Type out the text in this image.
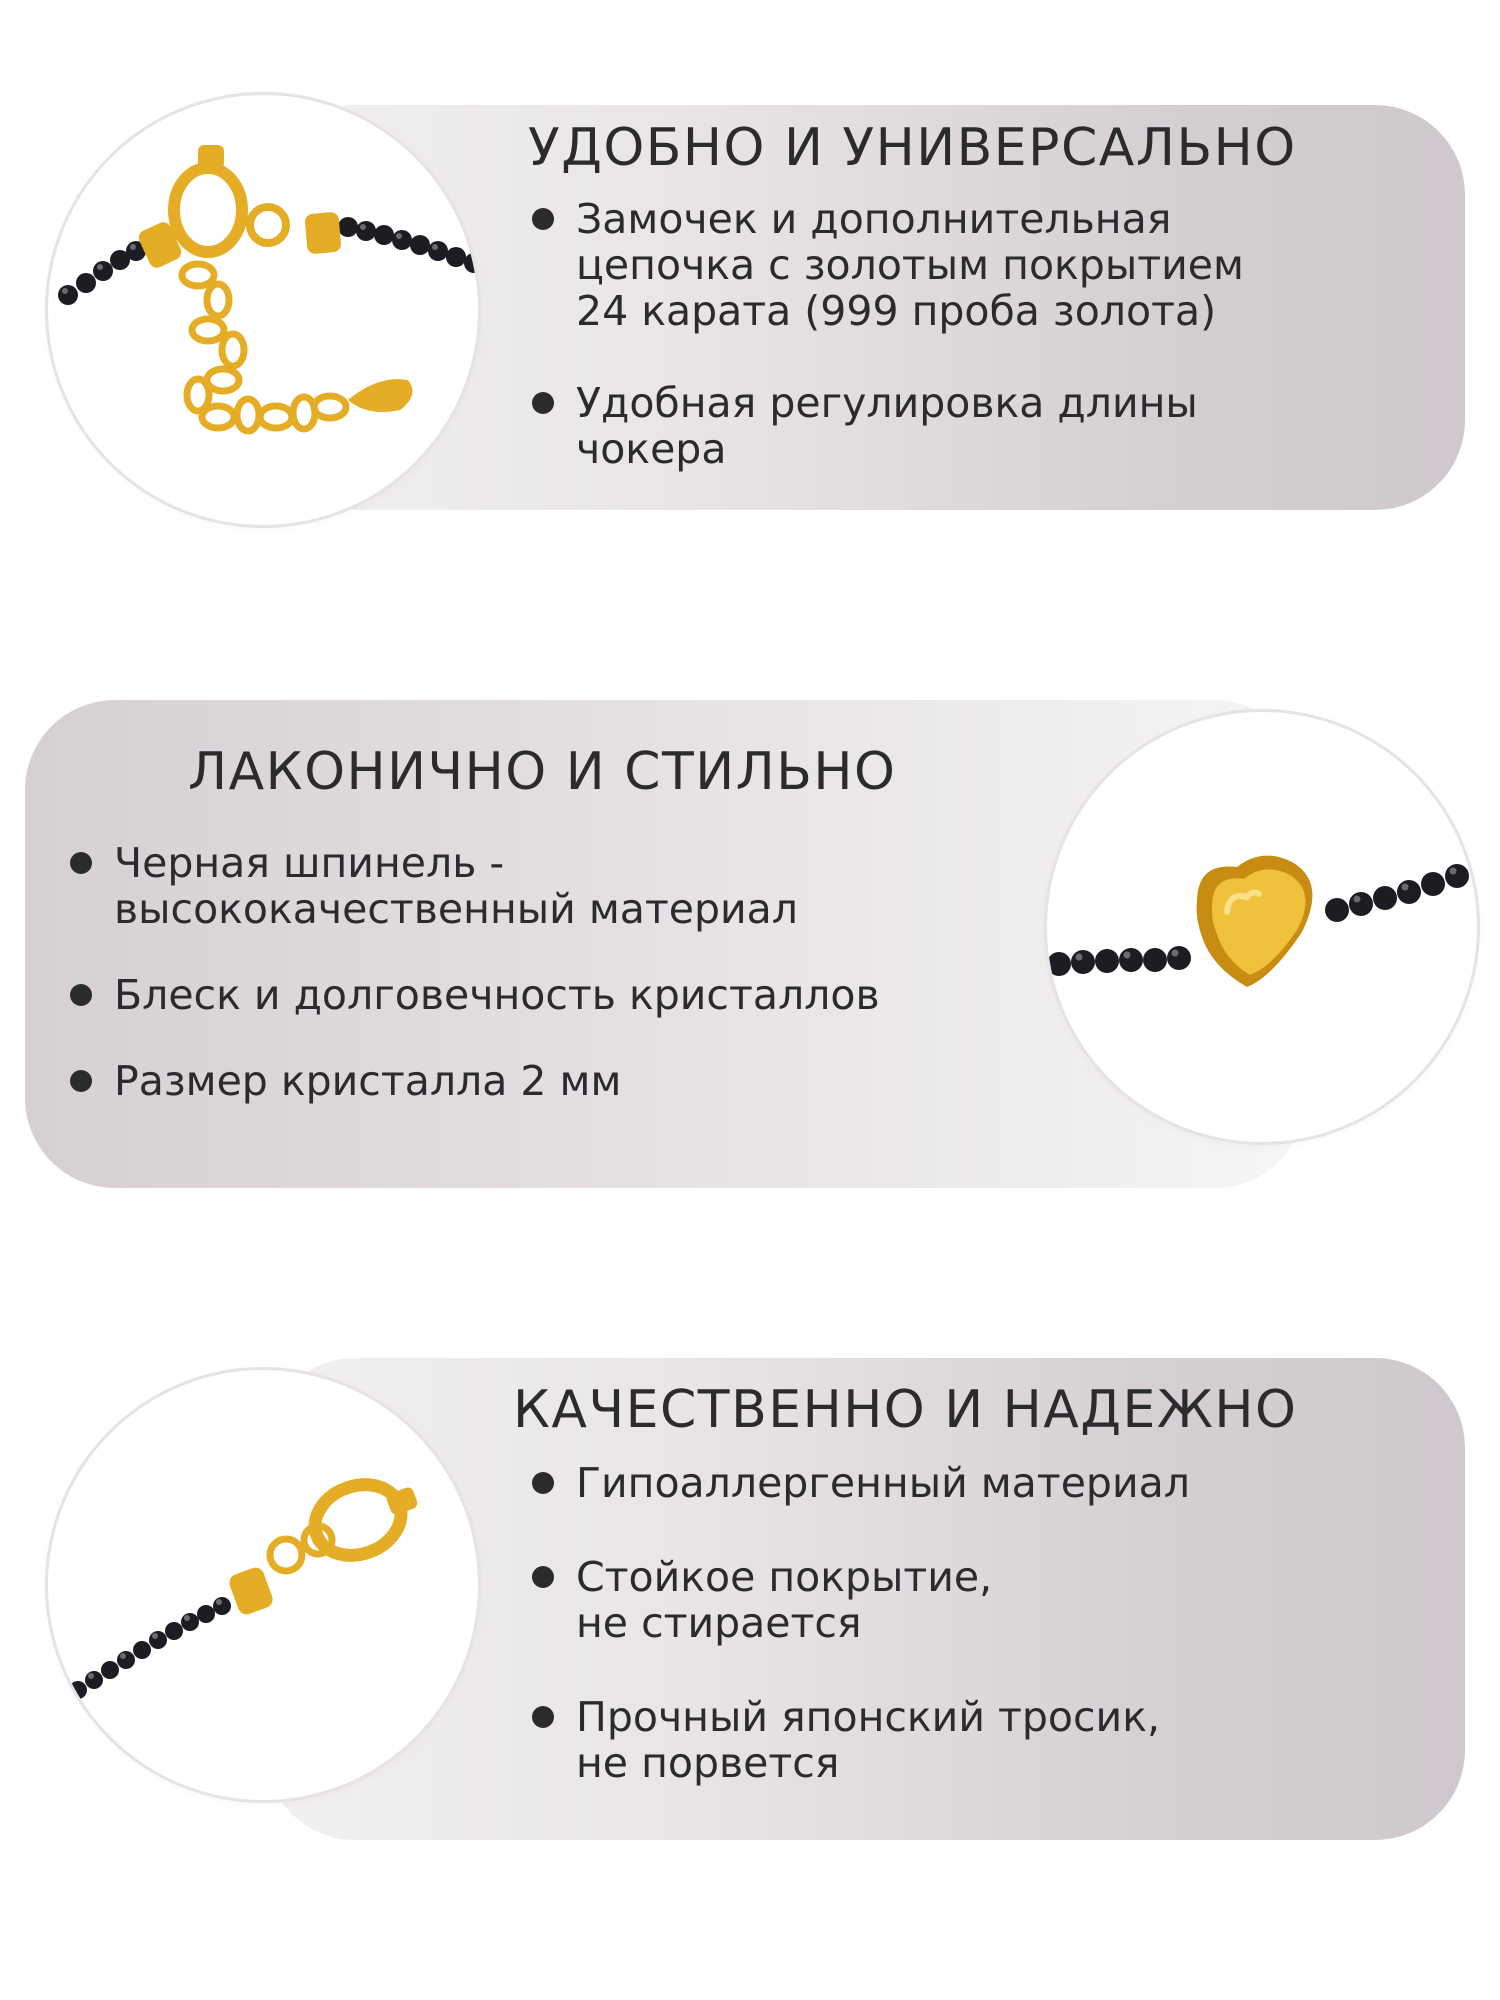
УДОБНО И УНИВЕРСАЛЬНО
Замочек и дополнительная
цепочка с золотым покрытием
24 карата (999 проба золота)
Удобная регулировка длины
чокера
ЛАКОНИЧНО И СТИЛЬНО
Черная шпинель -
высококачественный материал
Блеск и долговечность кристаллов
Размер кристалла 2 мм
КАЧЕСТВЕННО И НАДЕЖНО
Гипоаллергенный материал
Стойкое покрытие,
не стирается
Прочный японский тросик,
не порвется
